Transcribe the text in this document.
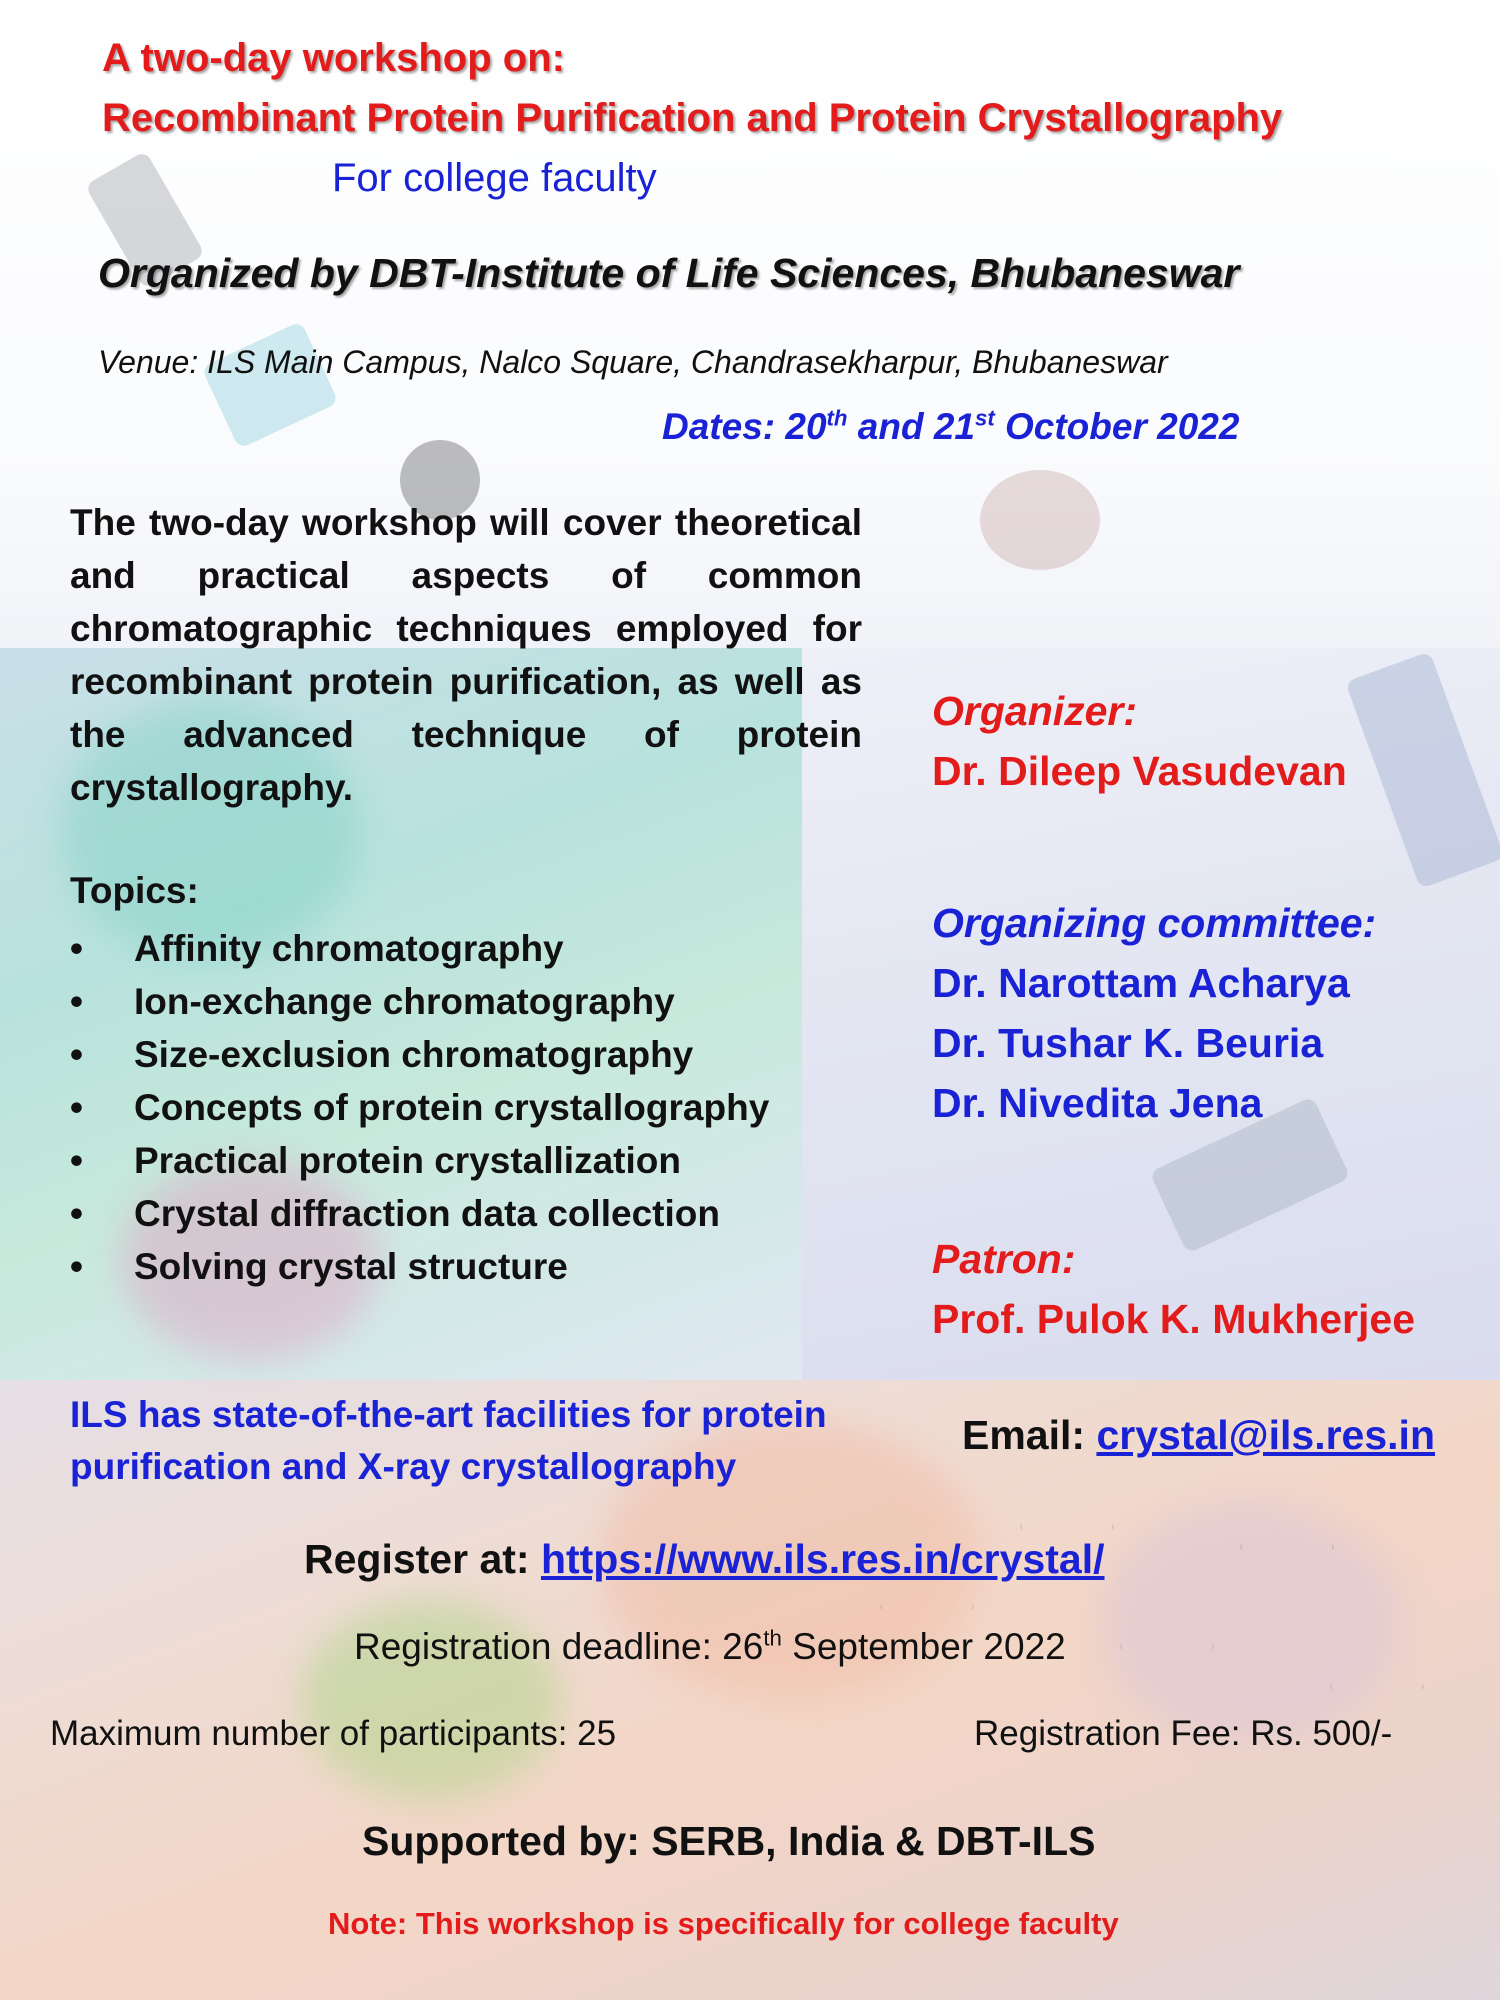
A two-day workshop on:

Recombinant Protein Purification and Protein Crystallography

For college faculty

Organized by DBT-Institute of Life Sciences, Bhubaneswar

Venue: ILS Main Campus, Nalco Square, Chandrasekharpur, Bhubaneswar

Dates: 20th and 21st October 2022

The two-day workshop will cover theoretical and practical aspects of common chromatographic techniques employed for recombinant protein purification, as well as the advanced technique of protein crystallography.

Topics:

• Affinity chromatography
• Ion-exchange chromatography
• Size-exclusion chromatography
• Concepts of protein crystallography
• Practical protein crystallization
• Crystal diffraction data collection
• Solving crystal structure

Organizer:

Dr. Dileep Vasudevan

Organizing committee:

Dr. Narottam Acharya

Dr. Tushar K. Beuria

Dr. Nivedita Jena

Patron:

Prof. Pulok K. Mukherjee

ILS has state-of-the-art facilities for protein

purification and X-ray crystallography

Email: crystal@ils.res.in

Register at: https://www.ils.res.in/crystal/

Registration deadline: 26th September 2022

Maximum number of participants: 25	Registration Fee: Rs. 500/-

Supported by: SERB, India & DBT-ILS

Note: This workshop is specifically for college faculty
